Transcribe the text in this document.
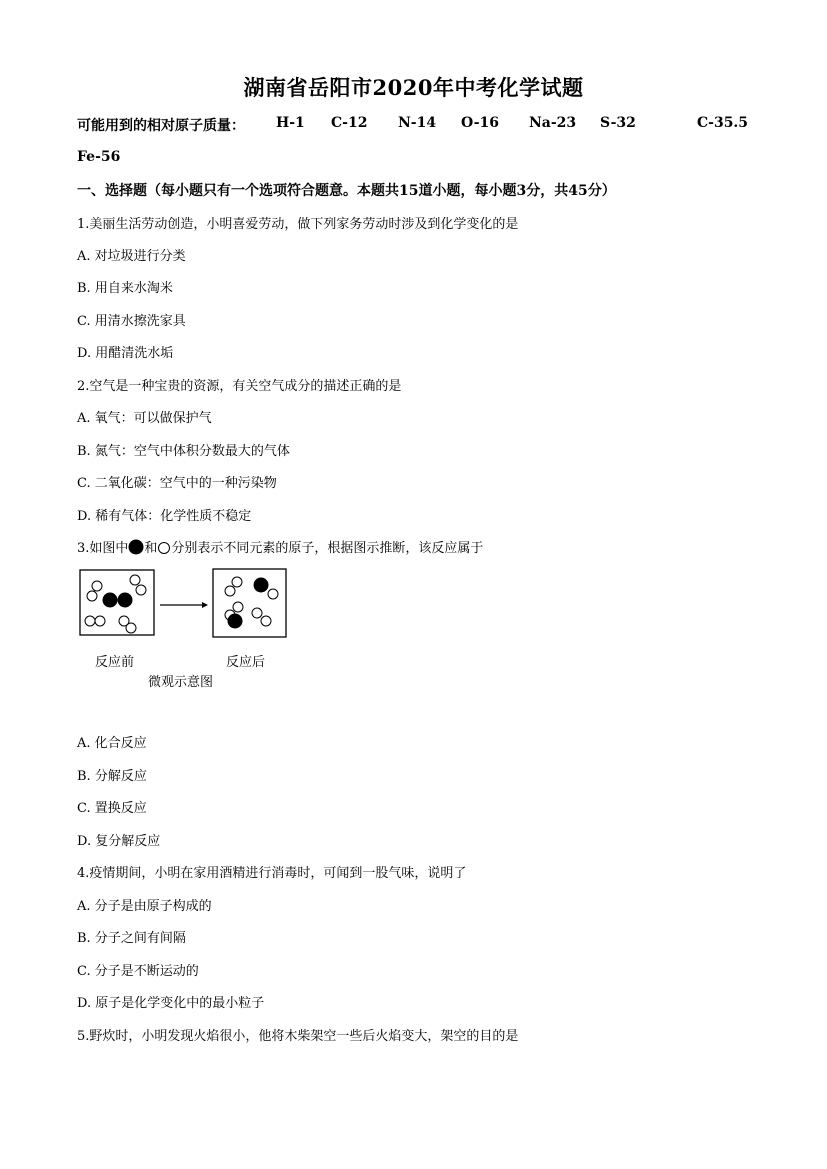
湖南省岳阳市2020年中考化学试题
可能用到的相对原子质量： H-1 C-12 N-14 O-16 Na-23 S-32	C-35.5
Fe-56
一、选择题（每小题只有一个选项符合题意。本题共15道小题，每小题3分，共45分）
1.美丽生活劳动创造，小明喜爱劳动，做下列家务劳动时涉及到化学变化的是
A. 对垃圾进行分类
B. 用自来水淘米
C. 用清水擦洗家具
D. 用醋清洗水垢
2.空气是一种宝贵的资源，有关空气成分的描述正确的是
A. 氧气：可以做保护气
B. 氮气：空气中体积分数最大的气体
C. 二氧化碳：空气中的一种污染物
D. 稀有气体：化学性质不稳定
3.如图中 和 分别表示不同元素的原子，根据图示推断，该反应属于
反应前	反应后
微观示意图
A. 化合反应
B. 分解反应
C. 置换反应
D. 复分解反应
4.疫情期间，小明在家用酒精进行消毒时，可闻到一股气味，说明了
A. 分子是由原子构成的
B. 分子之间有间隔
C. 分子是不断运动的
D. 原子是化学变化中的最小粒子
5.野炊时，小明发现火焰很小，他将木柴架空一些后火焰变大，架空的目的是
